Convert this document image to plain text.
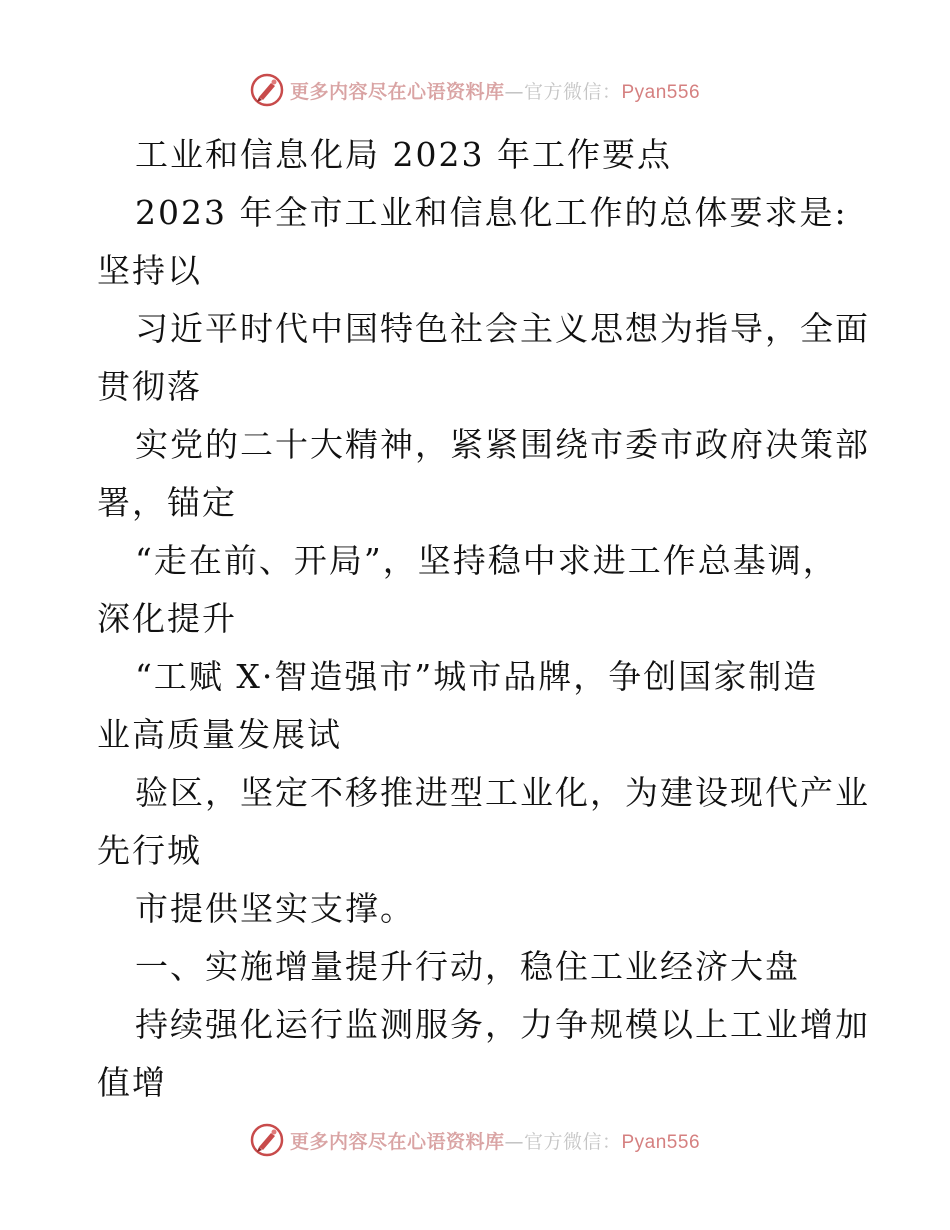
更多内容尽在心语资料库—官方微信：Pyan556
工业和信息化局 2023 年工作要点
2023 年全市工业和信息化工作的总体要求是:
坚持以
习近平时代中国特色社会主义思想为指导，全面
贯彻落
实党的二十大精神，紧紧围绕市委市政府决策部
署，锚定
“走在前、开局”，坚持稳中求进工作总基调，
深化提升
“工赋 X·智造强市”城市品牌，争创国家制造
业高质量发展试
验区，坚定不移推进型工业化，为建设现代产业
先行城
市提供坚实支撑。
一、实施增量提升行动，稳住工业经济大盘
持续强化运行监测服务，力争规模以上工业增加
值增
更多内容尽在心语资料库—官方微信：Pyan556
